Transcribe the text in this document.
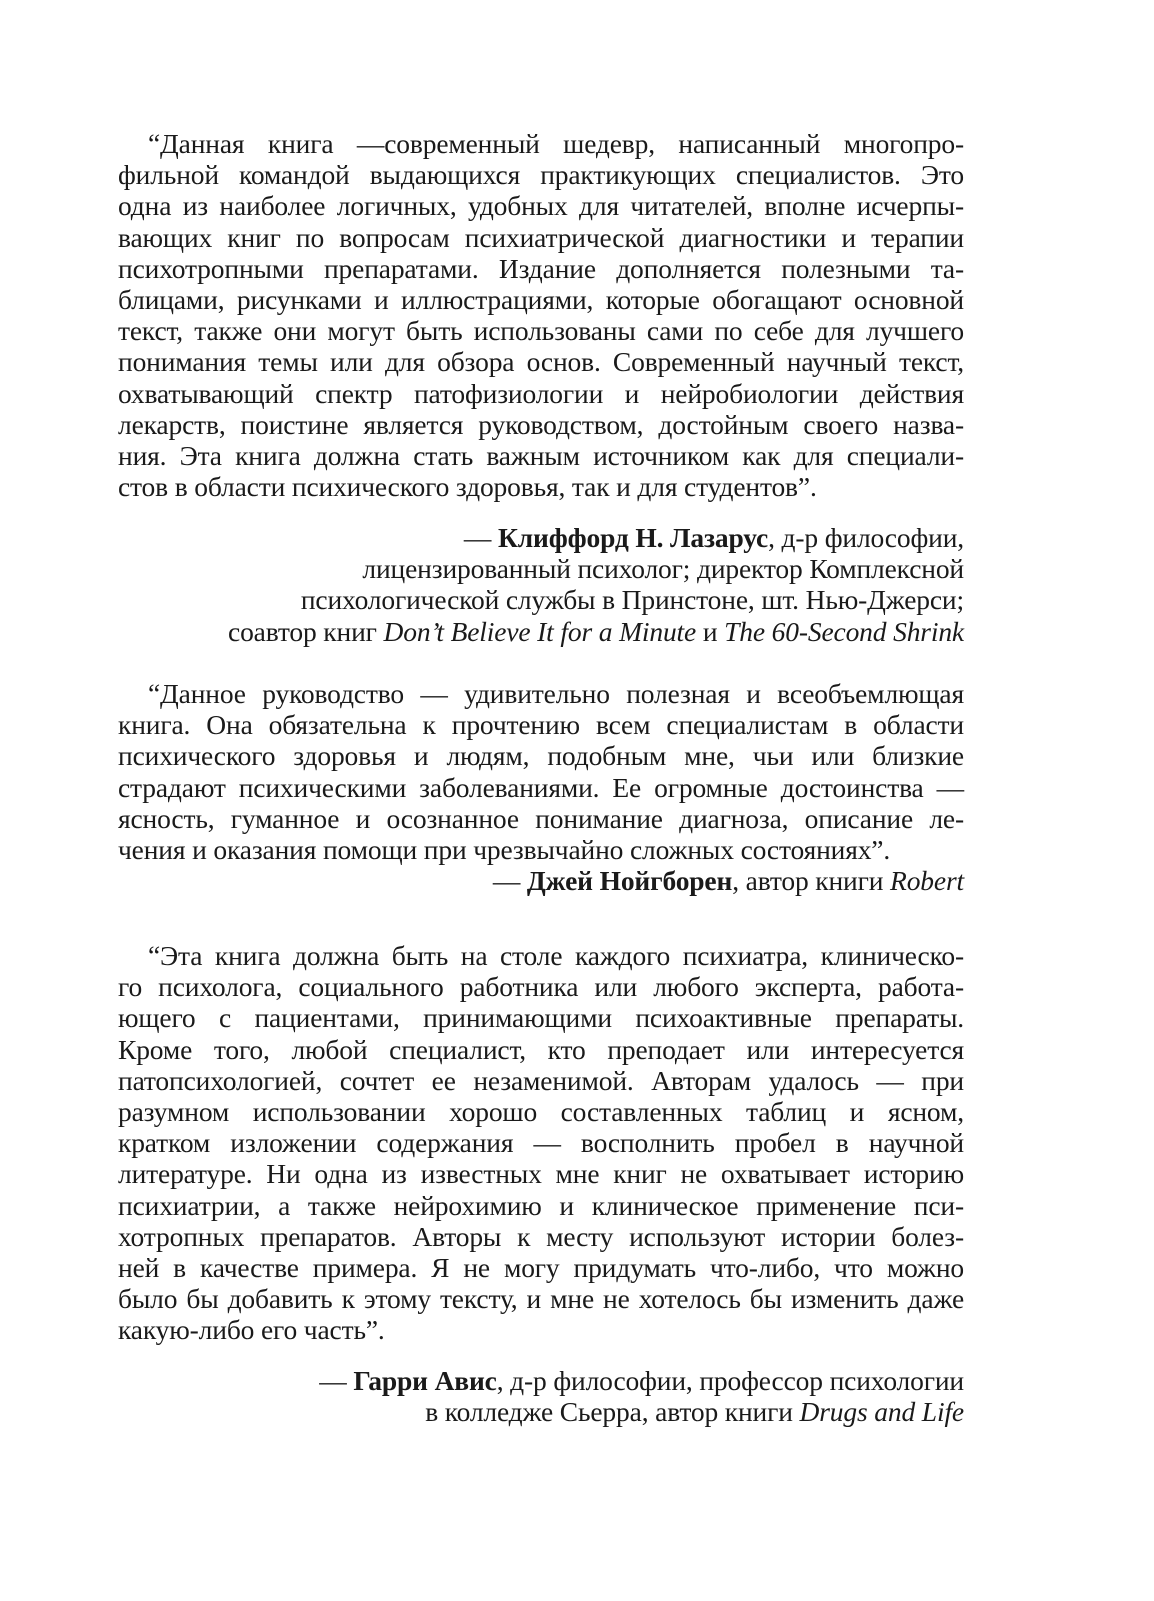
“Данная книга —современный шедевр, написанный многопро-
фильной командой выдающихся практикующих специалистов. Это
одна из наиболее логичных, удобных для читателей, вполне исчерпы-
вающих книг по вопросам психиатрической диагностики и терапии
психотропными препаратами. Издание дополняется полезными та-
блицами, рисунками и иллюстрациями, которые обогащают основной
текст, также они могут быть использованы сами по себе для лучшего
понимания темы или для обзора основ. Современный научный текст,
охватывающий спектр патофизиологии и нейробиологии действия
лекарств, поистине является руководством, достойным своего назва-
ния. Эта книга должна стать важным источником как для специали-
стов в области психического здоровья, так и для студентов”.
— Клиффорд Н. Лазарус, д-р философии,
лицензированный психолог; директор Комплексной
психологической службы в Принстоне, шт. Нью-Джерси;
соавтор книг Don’t Believe It for a Minute и The 60-Second Shrink
“Данное руководство — удивительно полезная и всеобъемлющая
книга. Она обязательна к прочтению всем специалистам в области
психического здоровья и людям, подобным мне, чьи или близкие
страдают психическими заболеваниями. Ее огромные достоинства —
ясность, гуманное и осознанное понимание диагноза, описание ле-
чения и оказания помощи при чрезвычайно сложных состояниях”.
— Джей Нойгборен, автор книги Robert
“Эта книга должна быть на столе каждого психиатра, клиническо-
го психолога, социального работника или любого эксперта, работа-
ющего с пациентами, принимающими психоактивные препараты.
Кроме того, любой специалист, кто преподает или интересуется
патопсихологией, сочтет ее незаменимой. Авторам удалось — при
разумном использовании хорошо составленных таблиц и ясном,
кратком изложении содержания — восполнить пробел в научной
литературе. Ни одна из известных мне книг не охватывает историю
психиатрии, а также нейрохимию и клиническое применение пси-
хотропных препаратов. Авторы к месту используют истории болез-
ней в качестве примера. Я не могу придумать что-либо, что можно
было бы добавить к этому тексту, и мне не хотелось бы изменить даже
какую-либо его часть”.
— Гарри Авис, д-р философии, профессор психологии
в колледже Сьерра, автор книги Drugs and Life
